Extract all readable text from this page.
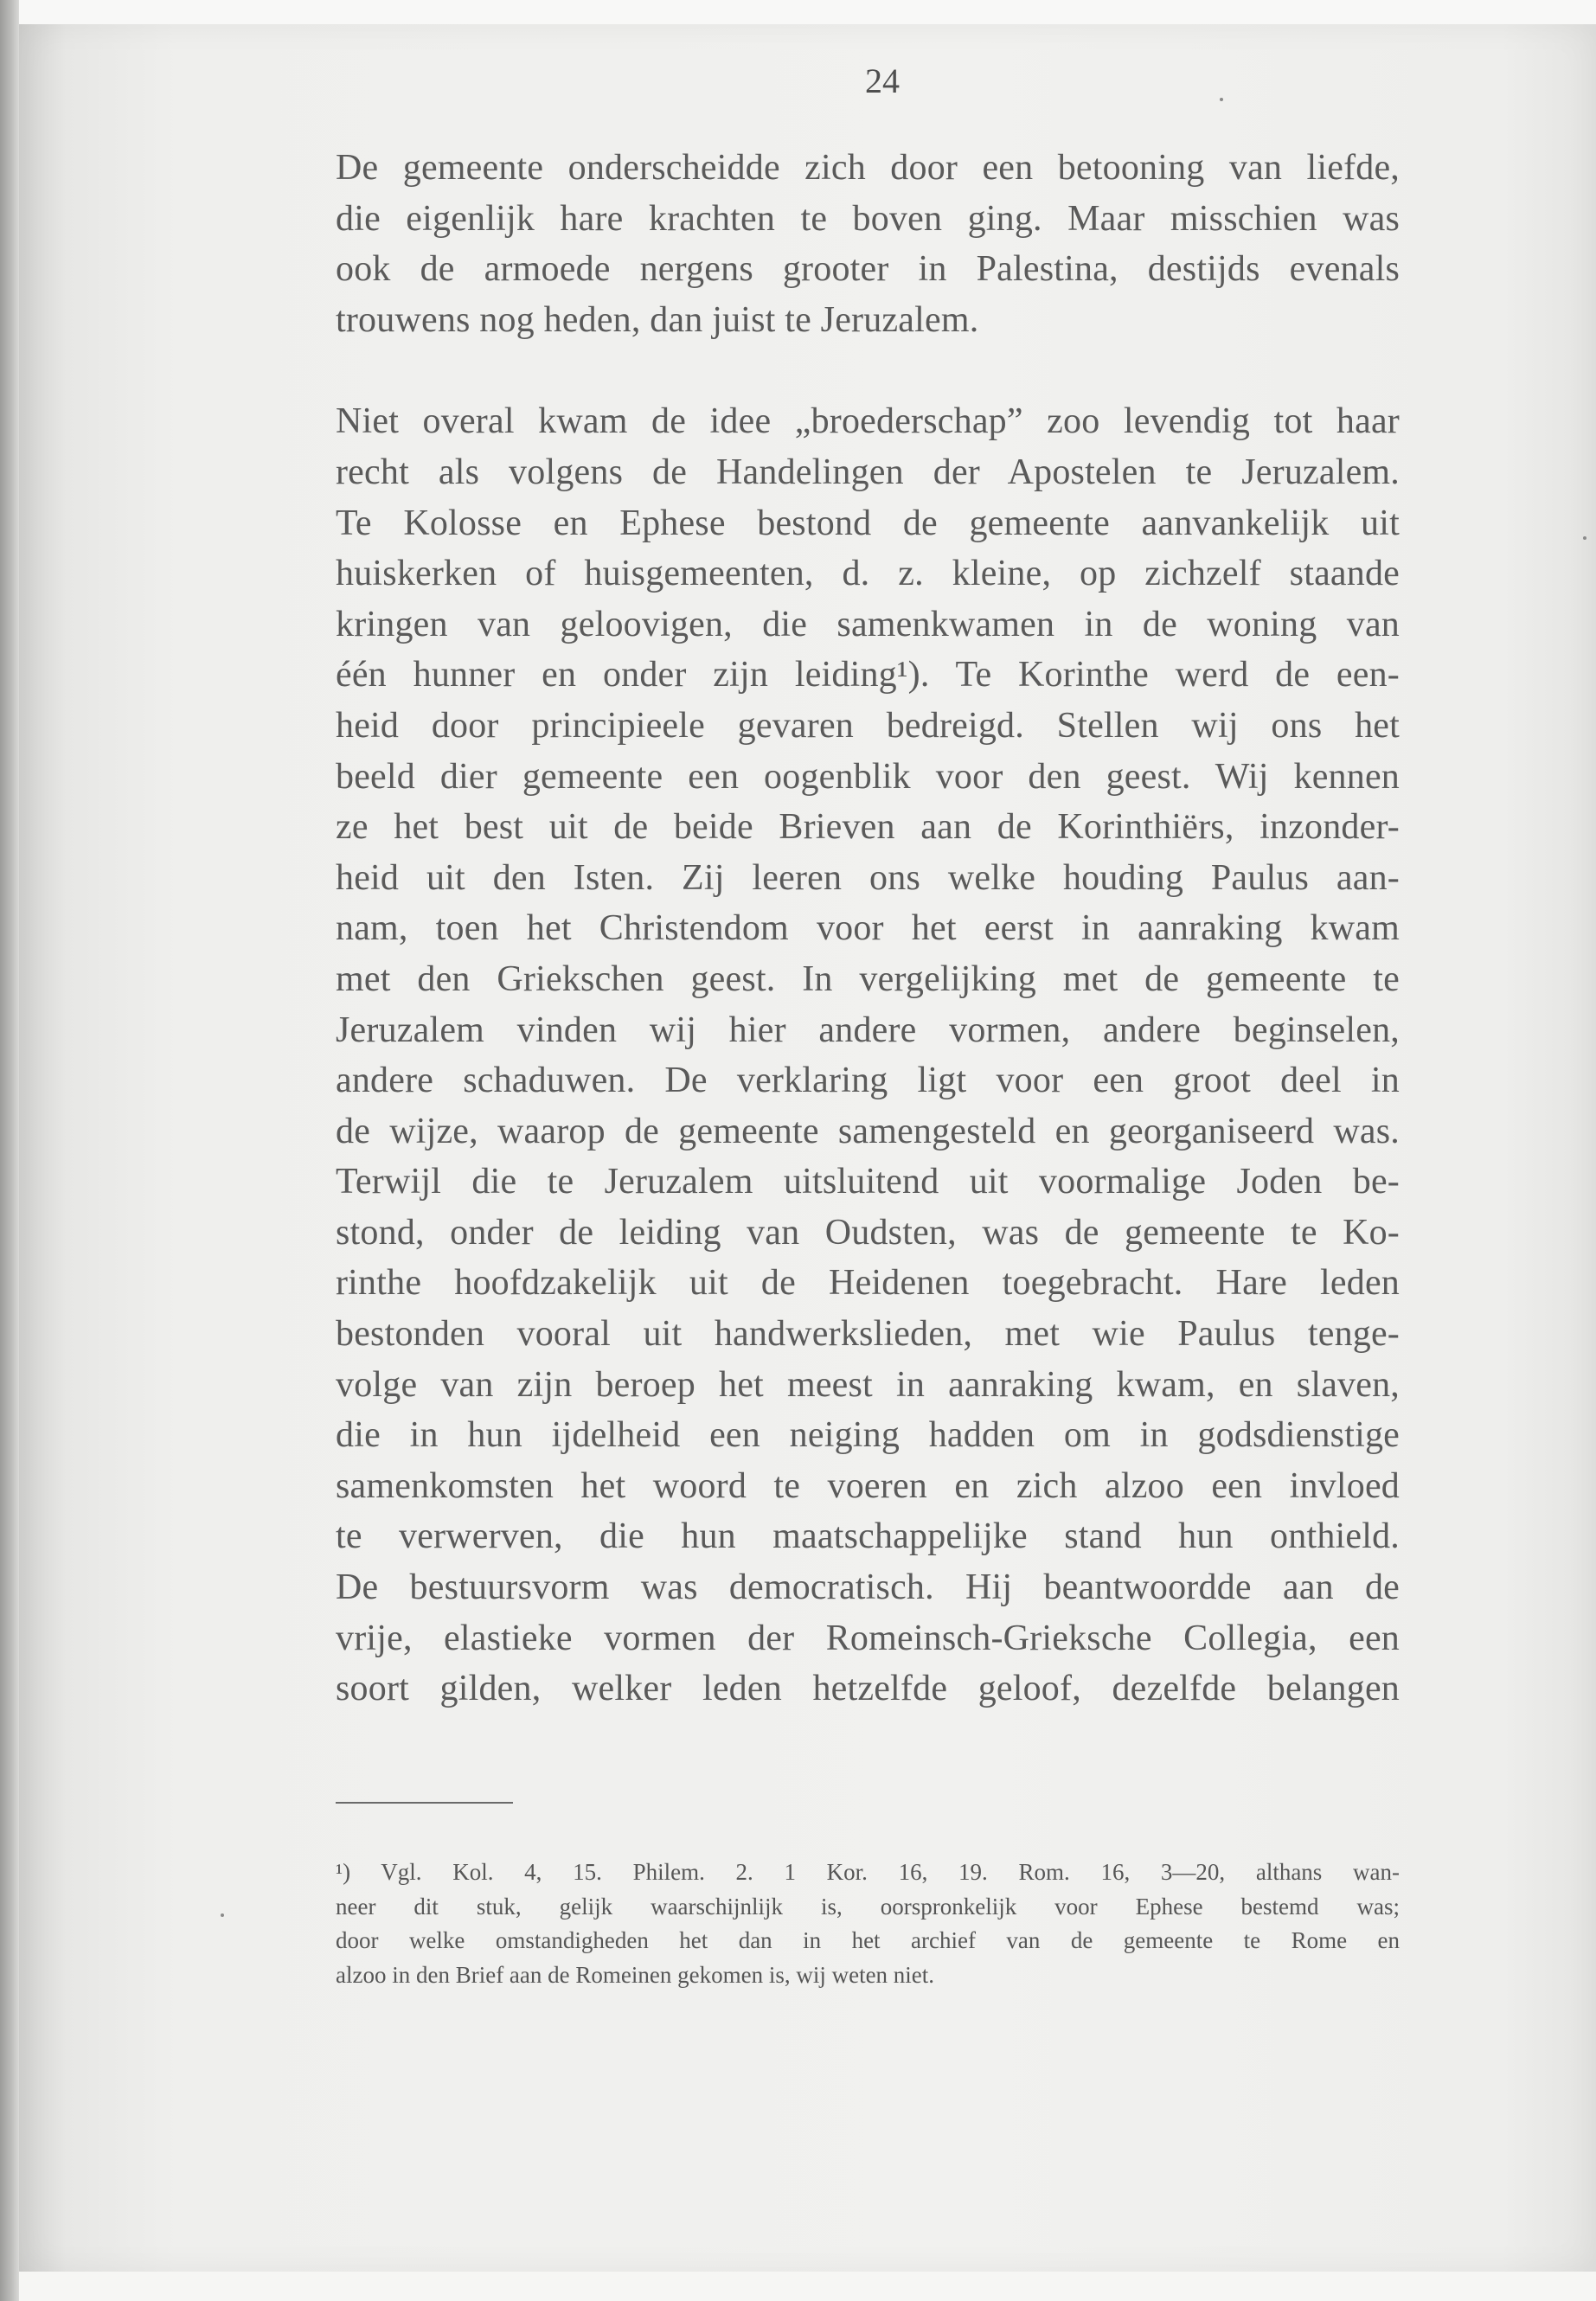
24
De gemeente onderscheidde zich door een betooning van liefde,
die eigenlijk hare krachten te boven ging. Maar misschien was
ook de armoede nergens grooter in Palestina, destijds evenals
trouwens nog heden, dan juist te Jeruzalem.
Niet overal kwam de idee „broederschap” zoo levendig tot haar
recht als volgens de Handelingen der Apostelen te Jeruzalem.
Te Kolosse en Ephese bestond de gemeente aanvankelijk uit
huiskerken of huisgemeenten, d. z. kleine, op zichzelf staande
kringen van geloovigen, die samenkwamen in de woning van
één hunner en onder zijn leiding¹). Te Korinthe werd de een-
heid door principieele gevaren bedreigd. Stellen wij ons het
beeld dier gemeente een oogenblik voor den geest. Wij kennen
ze het best uit de beide Brieven aan de Korinthiërs, inzonder-
heid uit den Isten. Zij leeren ons welke houding Paulus aan-
nam, toen het Christendom voor het eerst in aanraking kwam
met den Griekschen geest. In vergelijking met de gemeente te
Jeruzalem vinden wij hier andere vormen, andere beginselen,
andere schaduwen. De verklaring ligt voor een groot deel in
de wijze, waarop de gemeente samengesteld en georganiseerd was.
Terwijl die te Jeruzalem uitsluitend uit voormalige Joden be-
stond, onder de leiding van Oudsten, was de gemeente te Ko-
rinthe hoofdzakelijk uit de Heidenen toegebracht. Hare leden
bestonden vooral uit handwerkslieden, met wie Paulus tenge-
volge van zijn beroep het meest in aanraking kwam, en slaven,
die in hun ijdelheid een neiging hadden om in godsdienstige
samenkomsten het woord te voeren en zich alzoo een invloed
te verwerven, die hun maatschappelijke stand hun onthield.
De bestuursvorm was democratisch. Hij beantwoordde aan de
vrije, elastieke vormen der Romeinsch-Grieksche Collegia, een
soort gilden, welker leden hetzelfde geloof, dezelfde belangen
¹) Vgl. Kol. 4, 15. Philem. 2. 1 Kor. 16, 19. Rom. 16, 3—20, althans wan-
neer dit stuk, gelijk waarschijnlijk is, oorspronkelijk voor Ephese bestemd was;
door welke omstandigheden het dan in het archief van de gemeente te Rome en
alzoo in den Brief aan de Romeinen gekomen is, wij weten niet.
